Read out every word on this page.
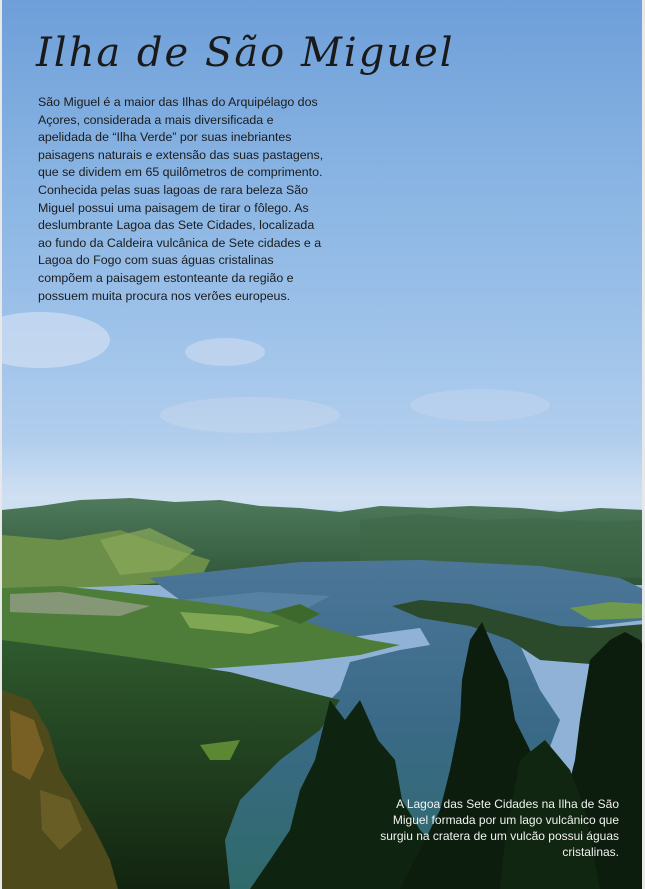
Ilha de São Miguel

São Miguel é a maior das Ilhas do Arquipélago dos Açores, considerada a mais diversificada e apelidada de “Ilha Verde” por suas inebriantes paisagens naturais e extensão das suas pastagens, que se dividem em 65 quilômetros de comprimento. Conhecida pelas suas lagoas de rara beleza São Miguel possui uma paisagem de tirar o fôlego. As deslumbrante Lagoa das Sete Cidades, localizada ao fundo da Caldeira vulcânica de Sete cidades e a Lagoa do Fogo com suas águas cristalinas compõem a paisagem estonteante da região e possuem muita procura nos verões europeus.

A Lagoa das Sete Cidades na Ilha de São Miguel formada por um lago vulcânico que surgiu na cratera de um vulcão possui águas cristalinas.
